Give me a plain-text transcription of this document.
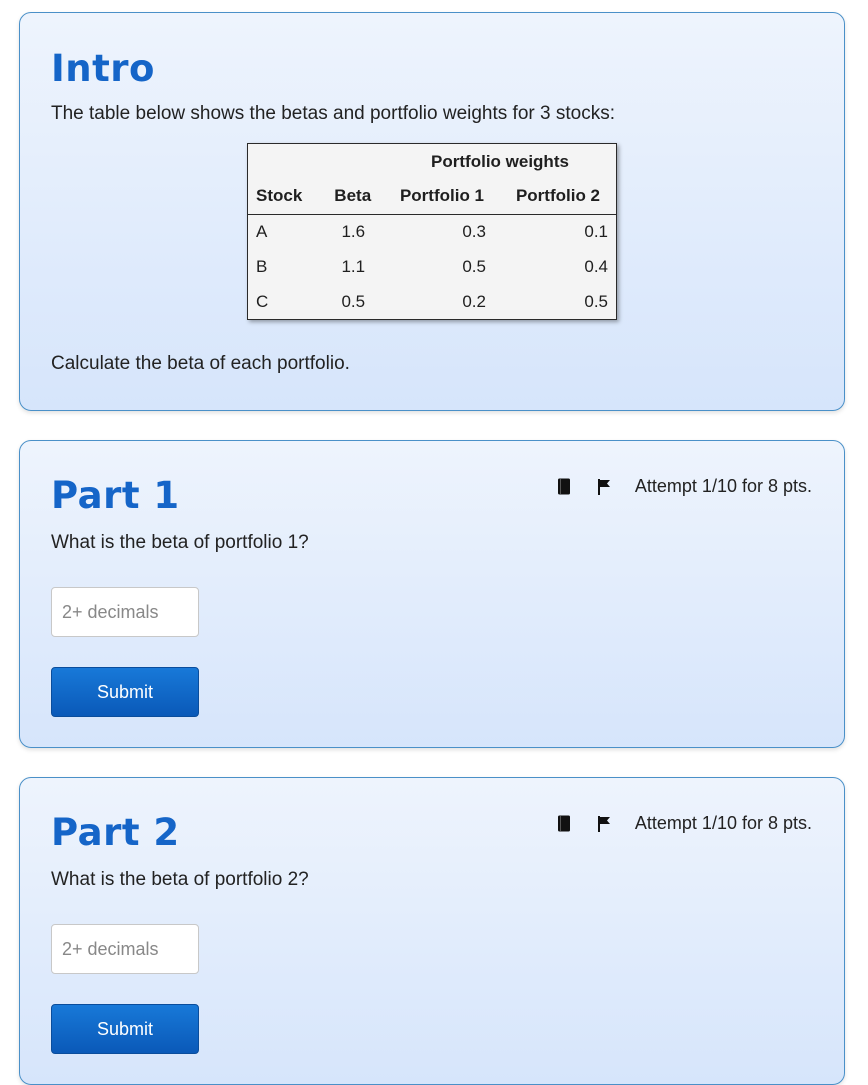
Intro

The table below shows the betas and portfolio weights for 3 stocks:

		Portfolio weights	
Stock	Beta	Portfolio 1	Portfolio 2
A	1.6	0.3	0.1
B	1.1	0.5	0.4
C	0.5	0.2	0.5

Calculate the beta of each portfolio.

Part 1	Attempt 1/10 for 8 pts.

What is the beta of portfolio 1?

2+ decimals
Submit
Part 2	Attempt 1/10 for 8 pts.

What is the beta of portfolio 2?

2+ decimals
Submit
